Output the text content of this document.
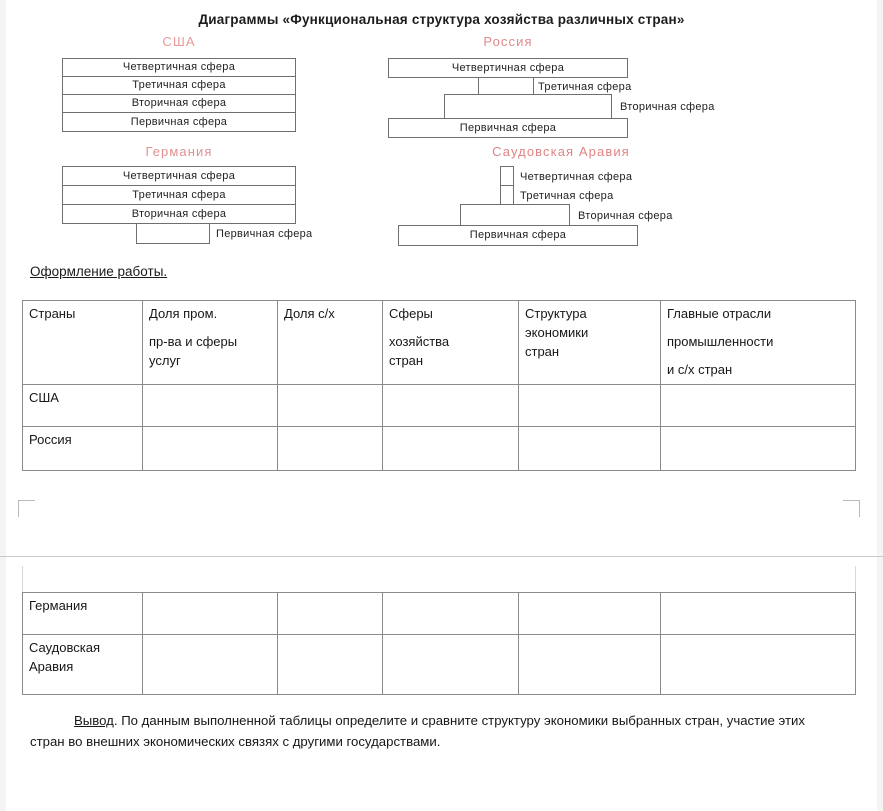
Диаграммы «Функциональная структура хозяйства различных стран»
США
Четвертичная сфера
Третичная сфера
Вторичная сфера
Первичная сфера
Россия
Четвертичная сфера
Третичная сфера
Вторичная сфера
Первичная сфера
Германия
Четвертичная сфера
Третичная сфера
Вторичная сфера
Первичная сфера
Саудовская Аравия
Четвертичная сфера
Третичная сфера
Вторичная сфера
Первичная сфера
Оформление работы.
Страны	Доля пром.
пр-ва и сферы
услуг	Доля с/х	Сферы
хозяйства
стран	Структура
экономики
стран	Главные отрасли
промышленности
и с/х стран

США					
Россия					
Германия					
Саудовская Аравия					
Вывод. По данным выполненной таблицы определите и сравните структуру экономики выбранных стран, участие этих стран во внешних экономических связях с другими государствами.
